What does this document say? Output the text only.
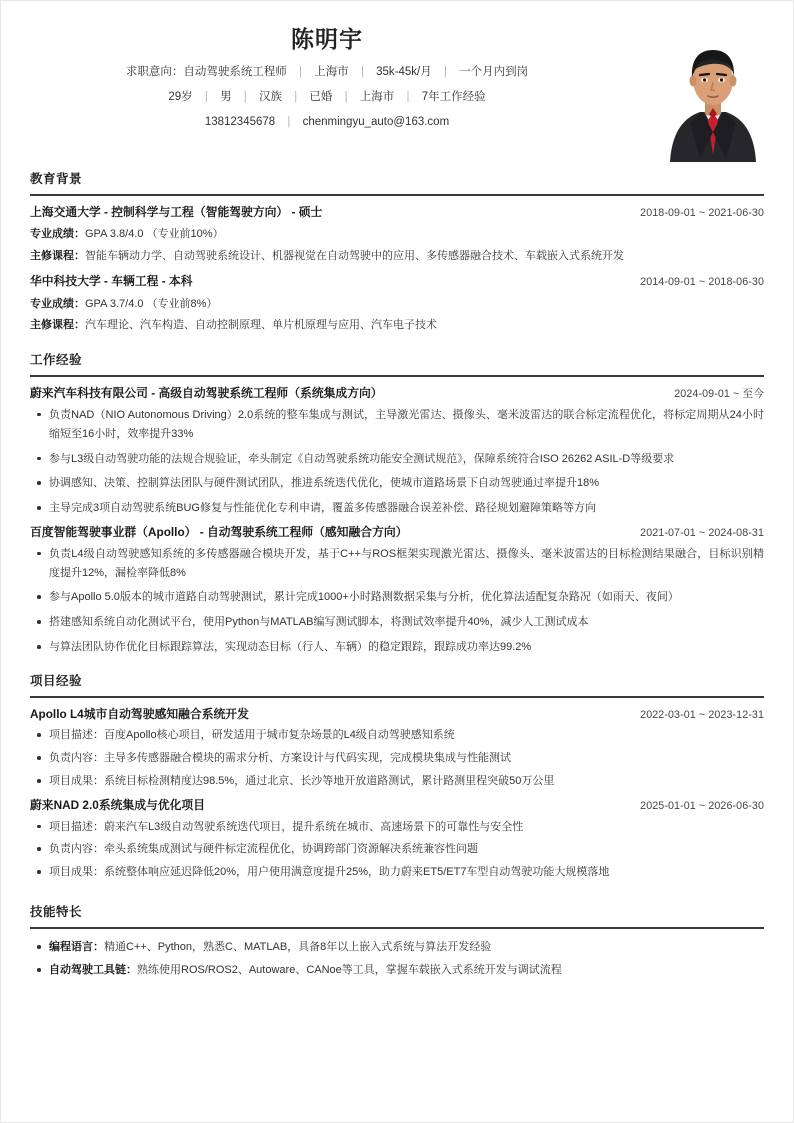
陈明宇
求职意向：自动驾驶系统工程师 | 上海市 | 35k-45k/月 | 一个月内到岗
29岁 | 男 | 汉族 | 已婚 | 上海市 | 7年工作经验
13812345678 | chenmingyu_auto@163.com
教育背景
上海交通大学 - 控制科学与工程（智能驾驶方向） - 硕士	2018-09-01 ~ 2021-06-30
专业成绩：GPA 3.8/4.0 （专业前10%）
主修课程：智能车辆动力学、自动驾驶系统设计、机器视觉在自动驾驶中的应用、多传感器融合技术、车载嵌入式系统开发
华中科技大学 - 车辆工程 - 本科	2014-09-01 ~ 2018-06-30
专业成绩：GPA 3.7/4.0 （专业前8%）
主修课程：汽车理论、汽车构造、自动控制原理、单片机原理与应用、汽车电子技术
工作经验
蔚来汽车科技有限公司 - 高级自动驾驶系统工程师（系统集成方向）	2024-09-01 ~ 至今
负责NAD（NIO Autonomous Driving）2.0系统的整车集成与测试，主导激光雷达、摄像头、毫米波雷达的联合标定流程优化，将标定周期从24小时缩短至16小时，效率提升33%
参与L3级自动驾驶功能的法规合规验证，牵头制定《自动驾驶系统功能安全测试规范》，保障系统符合ISO 26262 ASIL-D等级要求
协调感知、决策、控制算法团队与硬件测试团队，推进系统迭代优化，使城市道路场景下自动驾驶通过率提升18%
主导完成3项自动驾驶系统BUG修复与性能优化专利申请，覆盖多传感器融合误差补偿、路径规划避障策略等方向
百度智能驾驶事业群（Apollo） - 自动驾驶系统工程师（感知融合方向）	2021-07-01 ~ 2024-08-31
负责L4级自动驾驶感知系统的多传感器融合模块开发，基于C++与ROS框架实现激光雷达、摄像头、毫米波雷达的目标检测结果融合，目标识别精度提升12%，漏检率降低8%
参与Apollo 5.0版本的城市道路自动驾驶测试，累计完成1000+小时路测数据采集与分析，优化算法适配复杂路况（如雨天、夜间）
搭建感知系统自动化测试平台，使用Python与MATLAB编写测试脚本，将测试效率提升40%，减少人工测试成本
与算法团队协作优化目标跟踪算法，实现动态目标（行人、车辆）的稳定跟踪，跟踪成功率达99.2%
项目经验
Apollo L4城市自动驾驶感知融合系统开发	2022-03-01 ~ 2023-12-31
项目描述：百度Apollo核心项目，研发适用于城市复杂场景的L4级自动驾驶感知系统
负责内容：主导多传感器融合模块的需求分析、方案设计与代码实现，完成模块集成与性能测试
项目成果：系统目标检测精度达98.5%，通过北京、长沙等地开放道路测试，累计路测里程突破50万公里
蔚来NAD 2.0系统集成与优化项目	2025-01-01 ~ 2026-06-30
项目描述：蔚来汽车L3级自动驾驶系统迭代项目，提升系统在城市、高速场景下的可靠性与安全性
负责内容：牵头系统集成测试与硬件标定流程优化，协调跨部门资源解决系统兼容性问题
项目成果：系统整体响应延迟降低20%，用户使用满意度提升25%，助力蔚来ET5/ET7车型自动驾驶功能大规模落地
技能特长
编程语言：精通C++、Python，熟悉C、MATLAB，具备8年以上嵌入式系统与算法开发经验
自动驾驶工具链：熟练使用ROS/ROS2、Autoware、CANoe等工具，掌握车载嵌入式系统开发与调试流程
